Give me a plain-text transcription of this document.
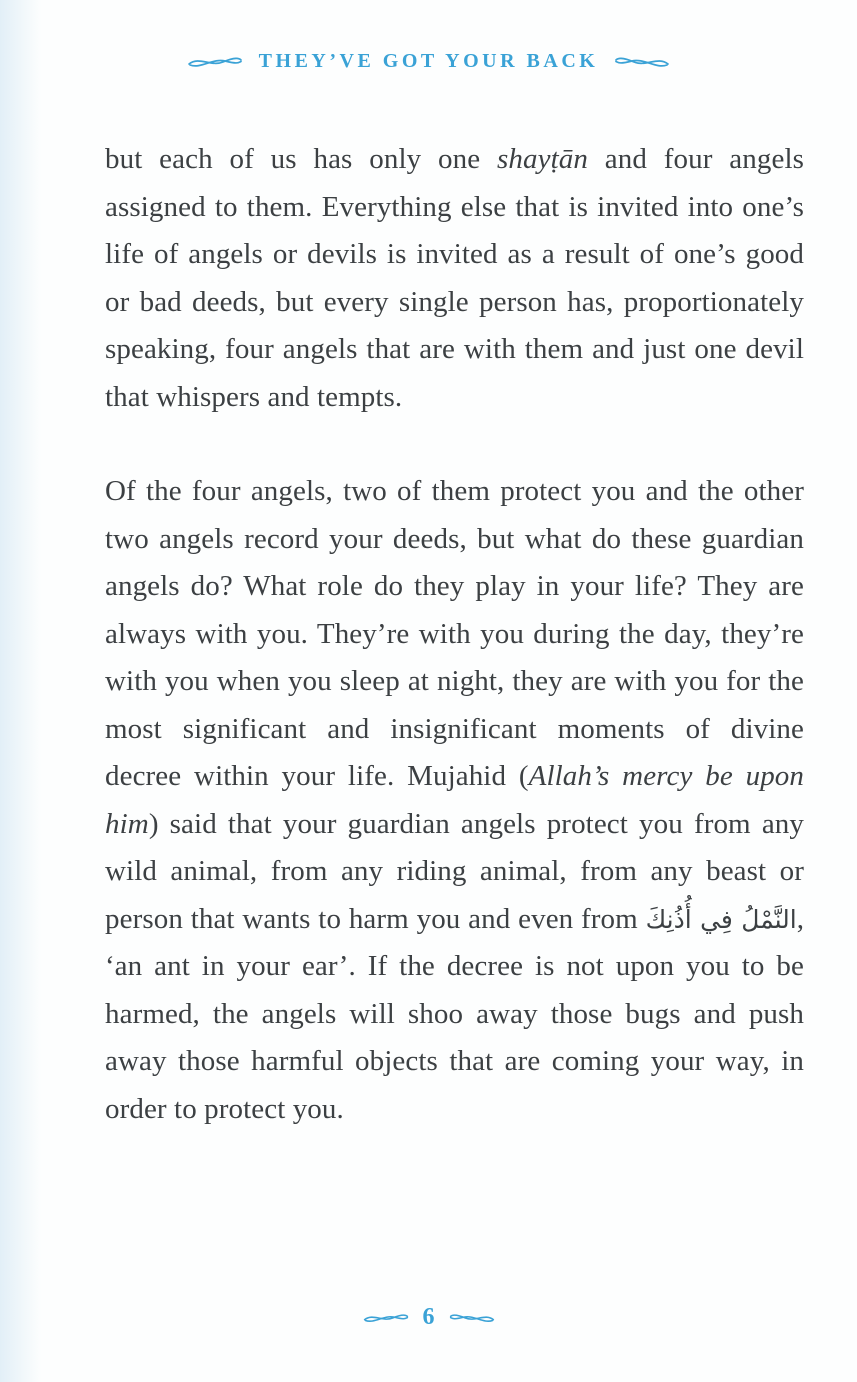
THEY’VE GOT YOUR BACK

but each of us has only one shayṭān and four angels assigned to them. Everything else that is invited into one’s life of angels or devils is invited as a result of one’s good or bad deeds, but every single person has, proportionately speaking, four angels that are with them and just one devil that whispers and tempts.

Of the four angels, two of them protect you and the other two angels record your deeds, but what do these guardian angels do? What role do they play in your life? They are always with you. They’re with you during the day, they’re with you when you sleep at night, they are with you for the most significant and insignificant moments of divine decree within your life. Mujahid (Allah’s mercy be upon him) said that your guardian angels protect you from any wild animal, from any riding animal, from any beast or person that wants to harm you and even from النَّمْلُ فِي أُذُنِكَ, ‘an ant in your ear’. If the decree is not upon you to be harmed, the angels will shoo away those bugs and push away those harmful objects that are coming your way, in order to protect you.

6
